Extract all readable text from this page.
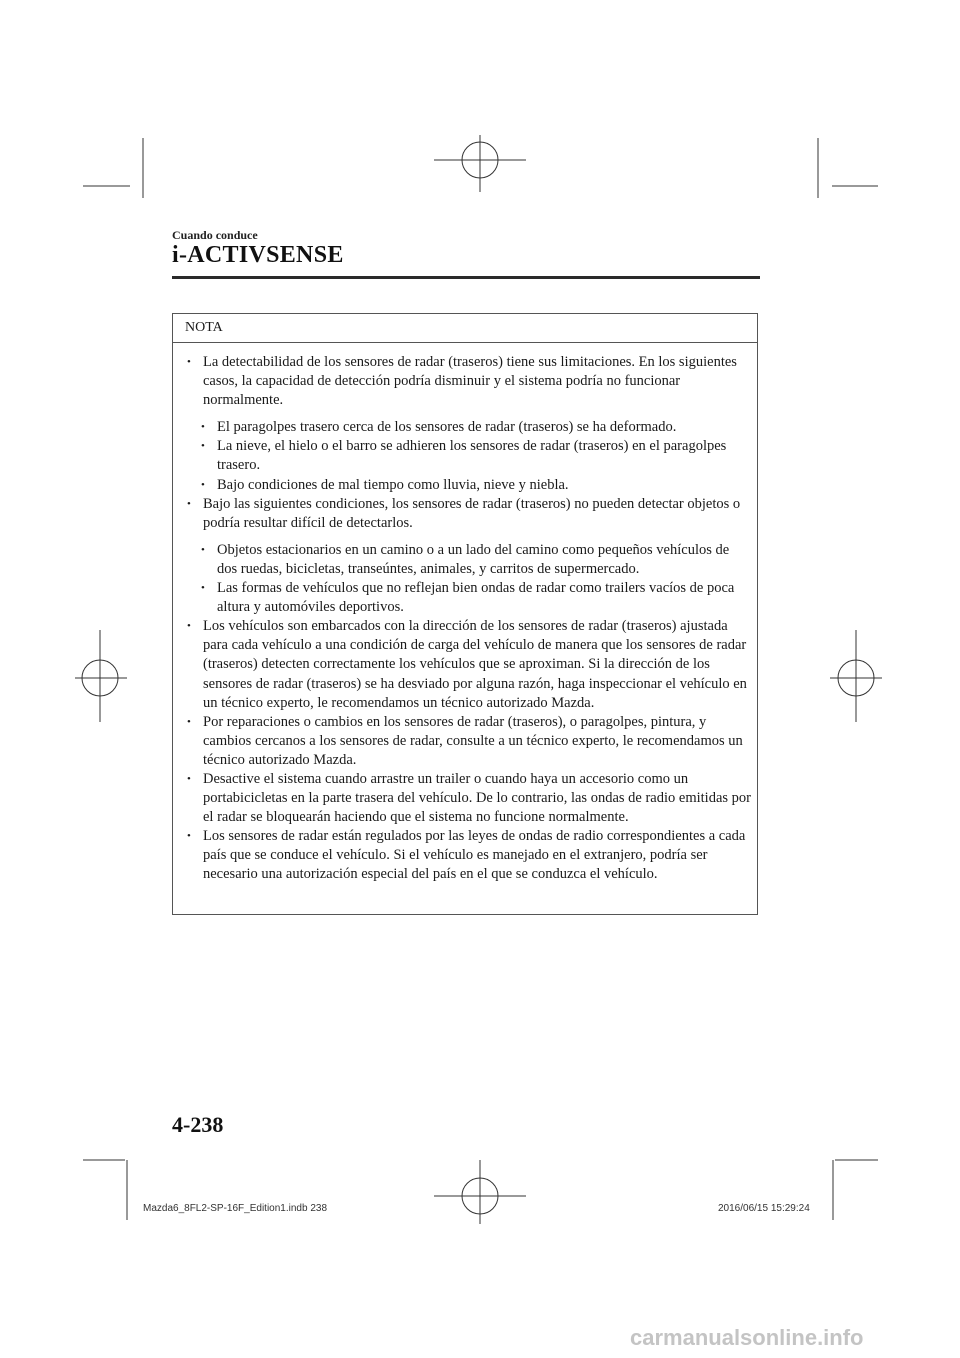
Cuando conduce
i-ACTIVSENSE
NOTA
• La detectabilidad de los sensores de radar (traseros) tiene sus limitaciones. En los siguientes casos, la capacidad de detección podría disminuir y el sistema podría no funcionar normalmente.
• El paragolpes trasero cerca de los sensores de radar (traseros) se ha deformado.
• La nieve, el hielo o el barro se adhieren los sensores de radar (traseros) en el paragolpes trasero.
• Bajo condiciones de mal tiempo como lluvia, nieve y niebla.
• Bajo las siguientes condiciones, los sensores de radar (traseros) no pueden detectar objetos o podría resultar difícil de detectarlos.
• Objetos estacionarios en un camino o a un lado del camino como pequeños vehículos de dos ruedas, bicicletas, transeúntes, animales, y carritos de supermercado.
• Las formas de vehículos que no reflejan bien ondas de radar como trailers vacíos de poca altura y automóviles deportivos.
• Los vehículos son embarcados con la dirección de los sensores de radar (traseros) ajustada para cada vehículo a una condición de carga del vehículo de manera que los sensores de radar (traseros) detecten correctamente los vehículos que se aproximan. Si la dirección de los sensores de radar (traseros) se ha desviado por alguna razón, haga inspeccionar el vehículo en un técnico experto, le recomendamos un técnico autorizado Mazda.
• Por reparaciones o cambios en los sensores de radar (traseros), o paragolpes, pintura, y cambios cercanos a los sensores de radar, consulte a un técnico experto, le recomendamos un técnico autorizado Mazda.
• Desactive el sistema cuando arrastre un trailer o cuando haya un accesorio como un portabicicletas en la parte trasera del vehículo. De lo contrario, las ondas de radio emitidas por el radar se bloquearán haciendo que el sistema no funcione normalmente.
• Los sensores de radar están regulados por las leyes de ondas de radio correspondientes a cada país que se conduce el vehículo. Si el vehículo es manejado en el extranjero, podría ser necesario una autorización especial del país en el que se conduzca el vehículo.
4-238
Mazda6_8FL2-SP-16F_Edition1.indb 238	2016/06/15 15:29:24
carmanualsonline.info
